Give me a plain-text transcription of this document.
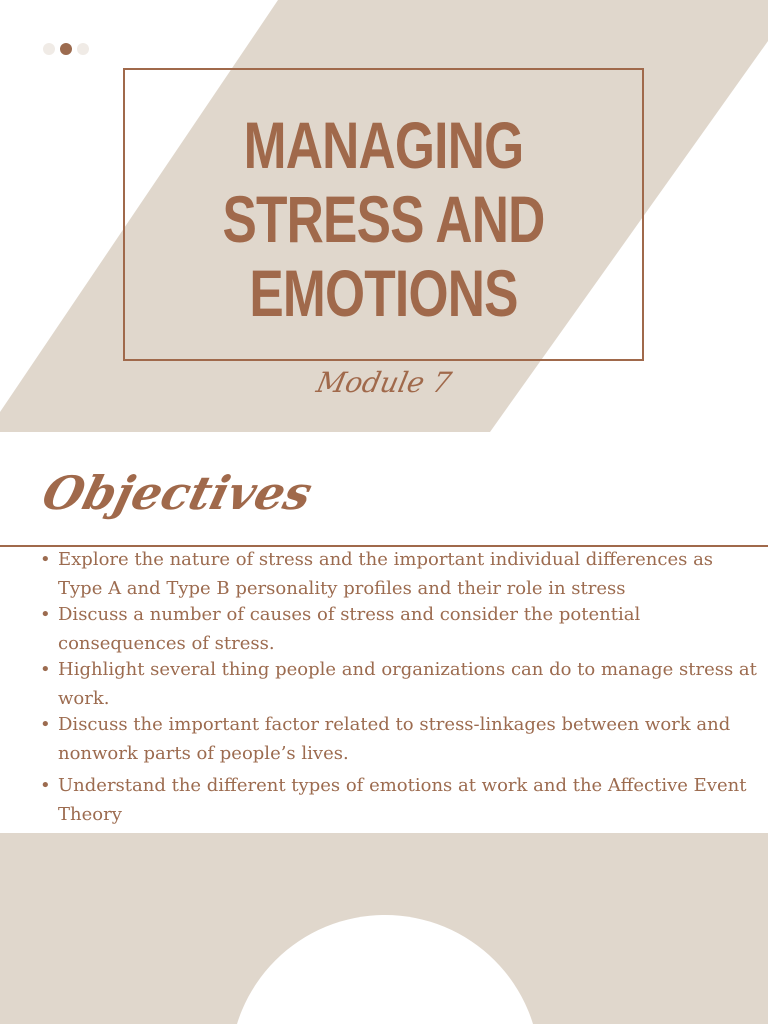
MANAGING
STRESS AND
EMOTIONS
Module 7
Objectives
• Explore the nature of stress and the important individual differences as Type A and Type B personality profiles and their role in stress
• Discuss a number of causes of stress and consider the potential consequences of stress.
• Highlight several thing people and organizations can do to manage stress at work.
• Discuss the important factor related to stress-linkages between work and nonwork parts of people’s lives.
• Understand the different types of emotions at work and the Affective Event Theory
